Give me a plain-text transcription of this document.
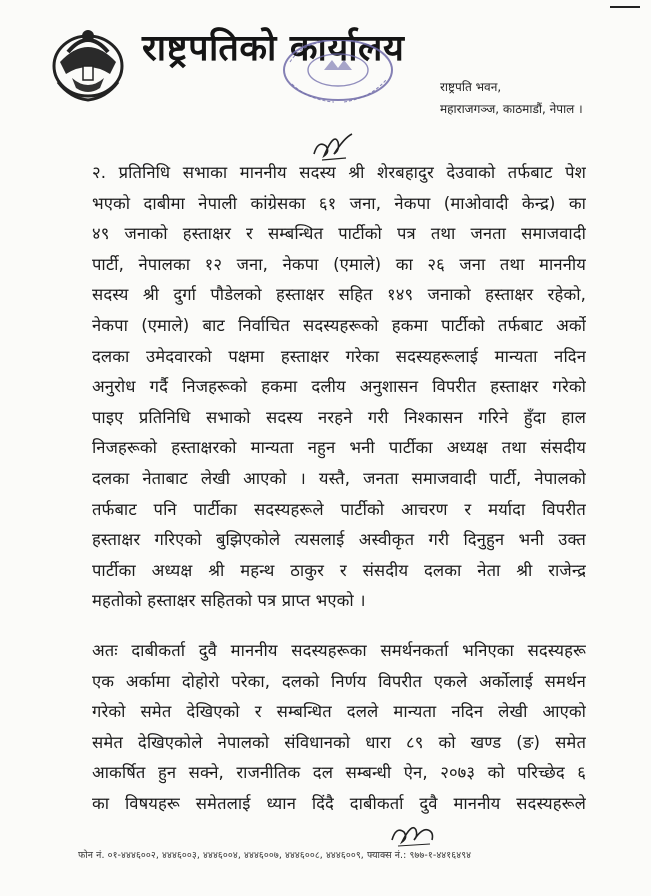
राष्ट्रपतिको कार्यालय
राष्ट्रपति भवन,
महाराजगञ्ज, काठमाडौं, नेपाल ।
२. प्रतिनिधि सभाका माननीय सदस्य श्री शेरबहादुर देउवाको तर्फबाट पेश
भएको दाबीमा नेपाली कांग्रेसका ६१ जना, नेकपा (माओवादी केन्द्र) का
४९ जनाको हस्ताक्षर र सम्बन्धित पार्टीको पत्र तथा जनता समाजवादी
पार्टी, नेपालका १२ जना, नेकपा (एमाले) का २६ जना तथा माननीय
सदस्य श्री दुर्गा पौडेलको हस्ताक्षर सहित १४९ जनाको हस्ताक्षर रहेको,
नेकपा (एमाले) बाट निर्वाचित सदस्यहरूको हकमा पार्टीको तर्फबाट अर्को
दलका उमेदवारको पक्षमा हस्ताक्षर गरेका सदस्यहरूलाई मान्यता नदिन
अनुरोध गर्दै निजहरूको हकमा दलीय अनुशासन विपरीत हस्ताक्षर गरेको
पाइए प्रतिनिधि सभाको सदस्य नरहने गरी निश्कासन गरिने हुँदा हाल
निजहरूको हस्ताक्षरको मान्यता नहुन भनी पार्टीका अध्यक्ष तथा संसदीय
दलका नेताबाट लेखी आएको । यस्तै, जनता समाजवादी पार्टी, नेपालको
तर्फबाट पनि पार्टीका सदस्यहरूले पार्टीको आचरण र मर्यादा विपरीत
हस्ताक्षर गरिएको बुझिएकोले त्यसलाई अस्वीकृत गरी दिनुहुन भनी उक्त
पार्टीका अध्यक्ष श्री महन्थ ठाकुर र संसदीय दलका नेता श्री राजेन्द्र
महतोको हस्ताक्षर सहितको पत्र प्राप्त भएको ।
अतः दाबीकर्ता दुवै माननीय सदस्यहरूका समर्थनकर्ता भनिएका सदस्यहरू
एक अर्कामा दोहोरो परेका, दलको निर्णय विपरीत एकले अर्कोलाई समर्थन
गरेको समेत देखिएको र सम्बन्धित दलले मान्यता नदिन लेखी आएको
समेत देखिएकोले नेपालको संविधानको धारा ८९ को खण्ड (ङ) समेत
आकर्षित हुन सक्ने, राजनीतिक दल सम्बन्धी ऐन, २०७३ को परिच्छेद ६
का विषयहरू समेतलाई ध्यान दिंदै दाबीकर्ता दुवै माननीय सदस्यहरूले
फोन नं. ०१-४४४६००२, ४४४६००३, ४४४६००४, ४४४६००७, ४४४६००८, ४४४६००९, फ्याक्स नं.: ९७७-१-४४१६४९४
